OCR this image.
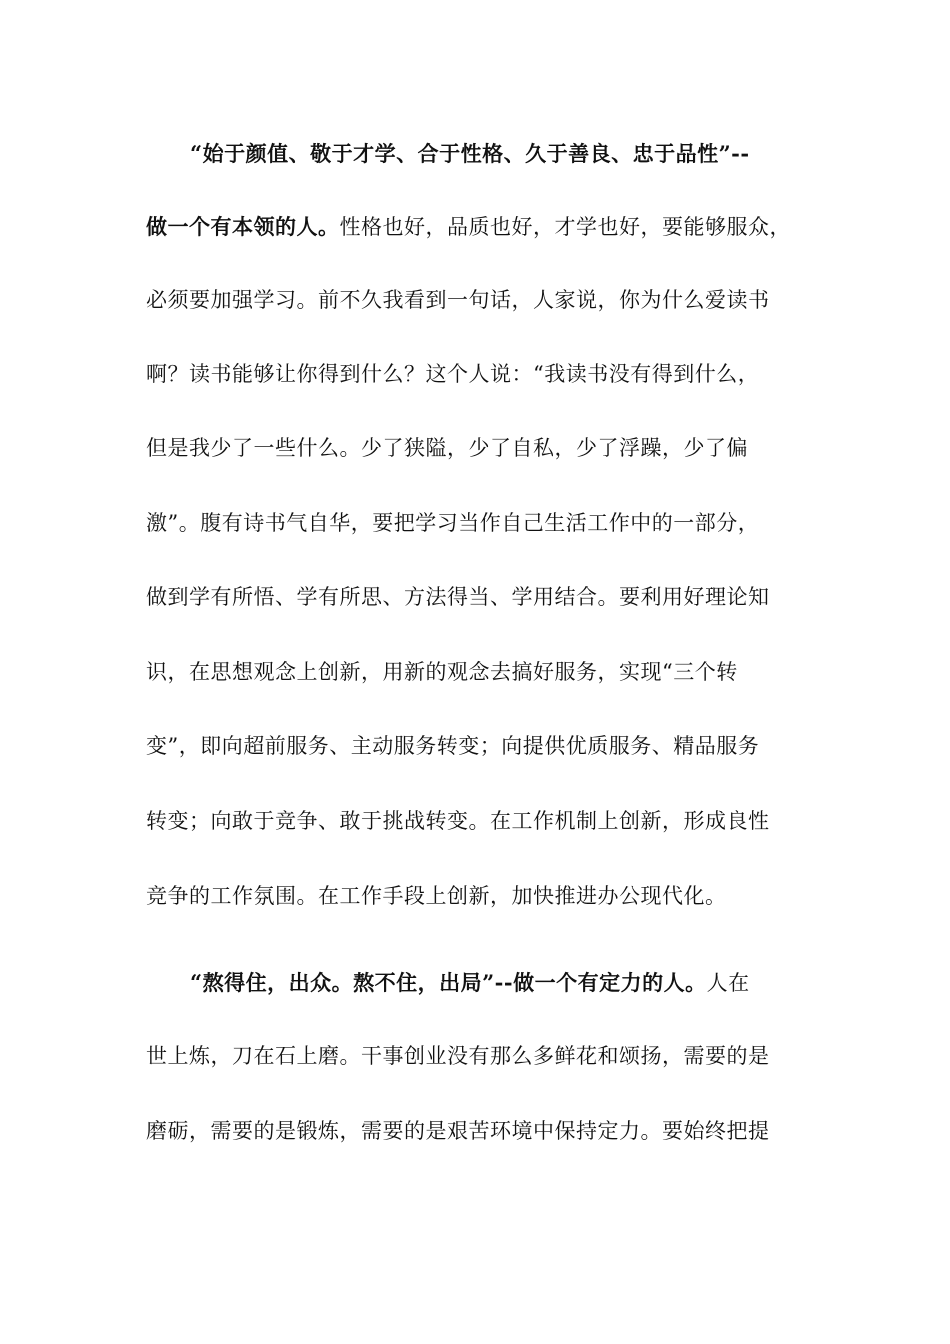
“始于颜值、敬于才学、合于性格、久于善良、忠于品性”--
做一个有本领的人。性格也好，品质也好，才学也好，要能够服众，
必须要加强学习。前不久我看到一句话，人家说，你为什么爱读书
啊？读书能够让你得到什么？这个人说：“我读书没有得到什么，
但是我少了一些什么。少了狭隘，少了自私，少了浮躁，少了偏
激”。腹有诗书气自华，要把学习当作自己生活工作中的一部分，
做到学有所悟、学有所思、方法得当、学用结合。要利用好理论知
识，在思想观念上创新，用新的观念去搞好服务，实现“三个转
变”，即向超前服务、主动服务转变；向提供优质服务、精品服务
转变；向敢于竞争、敢于挑战转变。在工作机制上创新，形成良性
竞争的工作氛围。在工作手段上创新，加快推进办公现代化。
“熬得住，出众。熬不住，出局”--做一个有定力的人。人在
世上炼，刀在石上磨。干事创业没有那么多鲜花和颂扬，需要的是
磨砺，需要的是锻炼，需要的是艰苦环境中保持定力。要始终把提
